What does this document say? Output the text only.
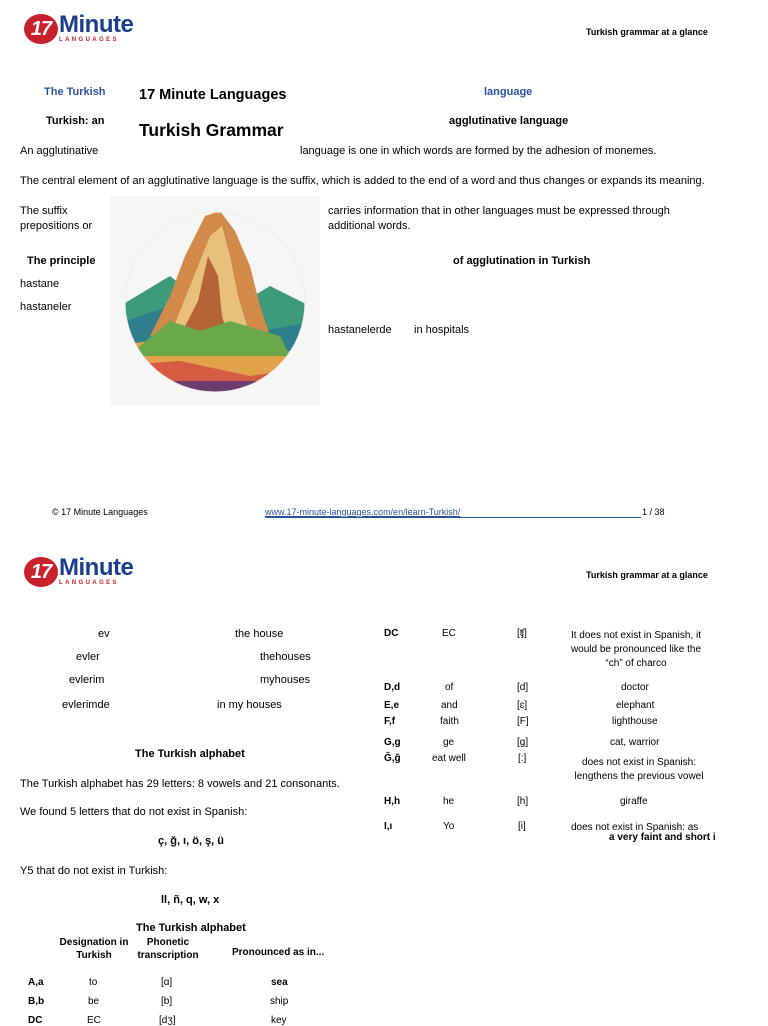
17 Minute
LANGUAGES
Turkish grammar at a glance
The Turkish 17 Minute Languages	language
Turkish: an Turkish Grammar	agglutinative language
An agglutinative	language is one in which words are formed by the adhesion of monemes.
The central element of an agglutinative language is the suffix, which is added to the end of a word and thus changes or expands its meaning.
The suffix
prepositions or
carries information that in other languages must be expressed through
additional words.
The principle	of agglutination in Turkish
hastane
hastaneler
hastanelerde in hospitals
© 17 Minute Languages	www.17-minute-languages.com/en/learn-Turkish/	1 / 38
17 Minute
LANGUAGES
Turkish grammar at a glance
ev	the house
evler	thehouses
evlerim	myhouses
evlerimde	in my houses
The Turkish alphabet
The Turkish alphabet has 29 letters: 8 vowels and 21 consonants.
We found 5 letters that do not exist in Spanish:
ç, ğ, ı, ö, ş, ü
Y5 that do not exist in Turkish:
ll, ñ, q, w, x
The Turkish alphabet
Designation in Turkish
Phonetic transcription	Pronounced as in...
A,a	to	[ɑ]	sea
B,b	be	[b]	ship
DC	EC	[dʒ]	key
DC	EC	[ʧ]	It does not exist in Spanish, it would be pronounced like the “ch” of charco
D,d	of	[d]	doctor
E,e	and	[ɛ]	elephant
F,f	faith	[F]	lighthouse
G,g	ge	[g]	cat, warrior
Ğ,ğ	eat well	[:]	does not exist in Spanish: lengthens the previous vowel
H,h	he	[h]	giraffe
I,ı	Yo	[i]	does not exist in Spanish: as
a very faint and short i
